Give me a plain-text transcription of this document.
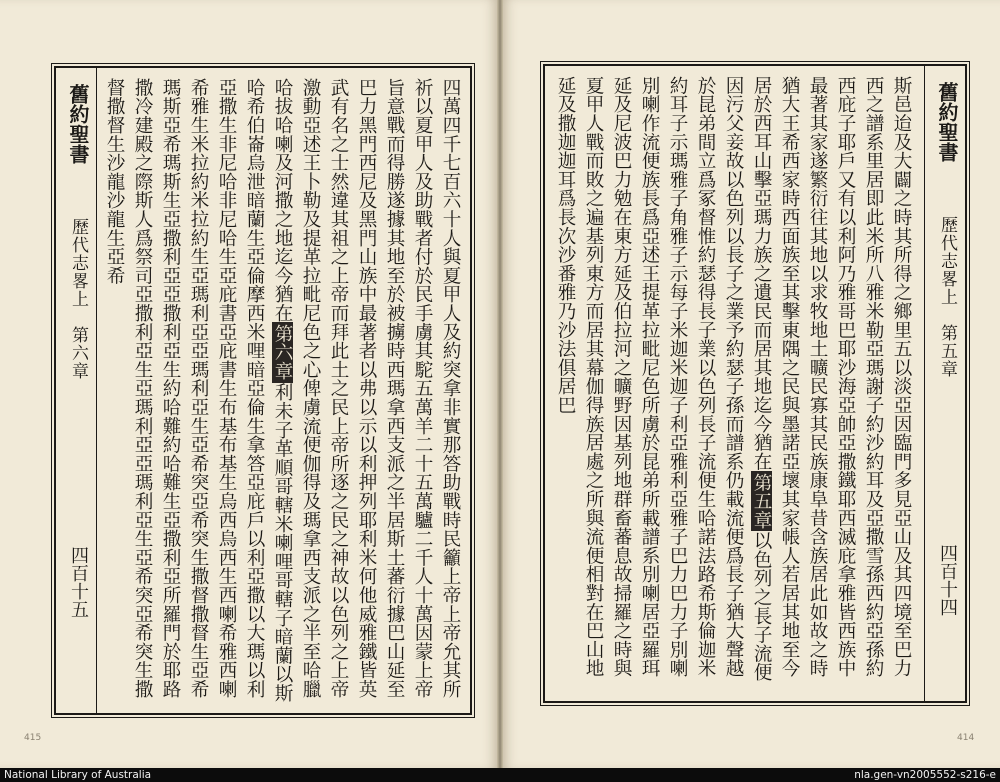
舊約聖書
歷代志畧上　第六章
四百十五
四萬四千七百六十人與夏甲人及約突拿非實那答助戰時民籲上帝上帝允其所祈以夏甲人及助戰者付於民手虜其駝五萬羊二十五萬驢二千人十萬因蒙上帝旨意戰而得勝遂據其地至於被擄時西瑪拿西支派之半居斯土蕃衍據巴山延至巴力黑門西尼及黑門山族中最著者以弗以示以利押列耶利米何他威雅鐵皆英武有名之士然違其祖之上帝而拜此土之民上帝所逐之民之神故以色列之上帝激動亞述王卜勒及提革拉毗尼色之心俾虜流便伽得及瑪拿西支派之半至哈臘哈拔哈喇及河撒之地迄今猶在第六章利未子革順哥轄米喇哩哥轄子暗蘭以斯哈希伯崙烏泄暗蘭生亞倫摩西米哩暗亞倫生拿答亞庇戶以利亞撒以大瑪以利亞撒生非尼哈非尼哈生亞庇書亞庇書生布基布基生烏西烏西生西喇希雅西喇希雅生米拉約米拉約生亞瑪利亞亞瑪利亞生亞希突亞希突生撒督撒督生亞希瑪斯亞希瑪斯生亞撒利亞亞撒利亞生約哈難約哈難生亞撒利亞所羅門於耶路撒冷建殿之際斯人爲祭司亞撒利亞生亞瑪利亞亞瑪利亞生亞希突亞希突生撒督撒督生沙龍沙龍生亞希
415
斯邑迨及大闢之時其所得之鄉里五以淡亞因臨門多見亞山及其四境至巴力西之譜系里居即此米所八雅米勒亞瑪謝子約沙約耳及亞撒雪孫西約亞孫約西庇子耶戶又有以利阿乃雅哥巴耶沙海亞帥亞撒鐵耶西滅庇拿雅皆西族中最著其家遂繁衍往其地以求牧地土曠民寡其民族康阜昔含族居此如故之時猶大王希西家時西面族至其擊東隅之民與墨諾亞壞其家帳人若居其地至今居於西耳山擊亞瑪力族之遺民而居其地迄今猶在第五章以色列之長子流便因污父妾故以色列以長子之業予約瑟子孫而譜系仍載流便爲長子猶大聲越於昆弟間立爲冢督惟約瑟得長子業以色列長子流便生哈諾法路希斯倫迦米約耳子示瑪雅子角雅子示每子米迦米迦子利亞雅利亞雅子巴力巴力子別喇別喇作流便族長爲亞述王提革拉毗尼色所虜於昆弟所載譜系別喇居亞羅珥延及尼波巴力勉在東方延及伯拉河之曠野因基列地群畜蕃息故掃羅之時與夏甲人戰而敗之遍基列東方而居其幕伽得族居處之所與流便相對在巴山地延及撒迦迦耳爲長次沙番雅乃沙法俱居巴	舊約聖書
歷代志畧上　第五章
四百十四
414
National Library of Australia	nla.gen-vn2005552-s216-e
